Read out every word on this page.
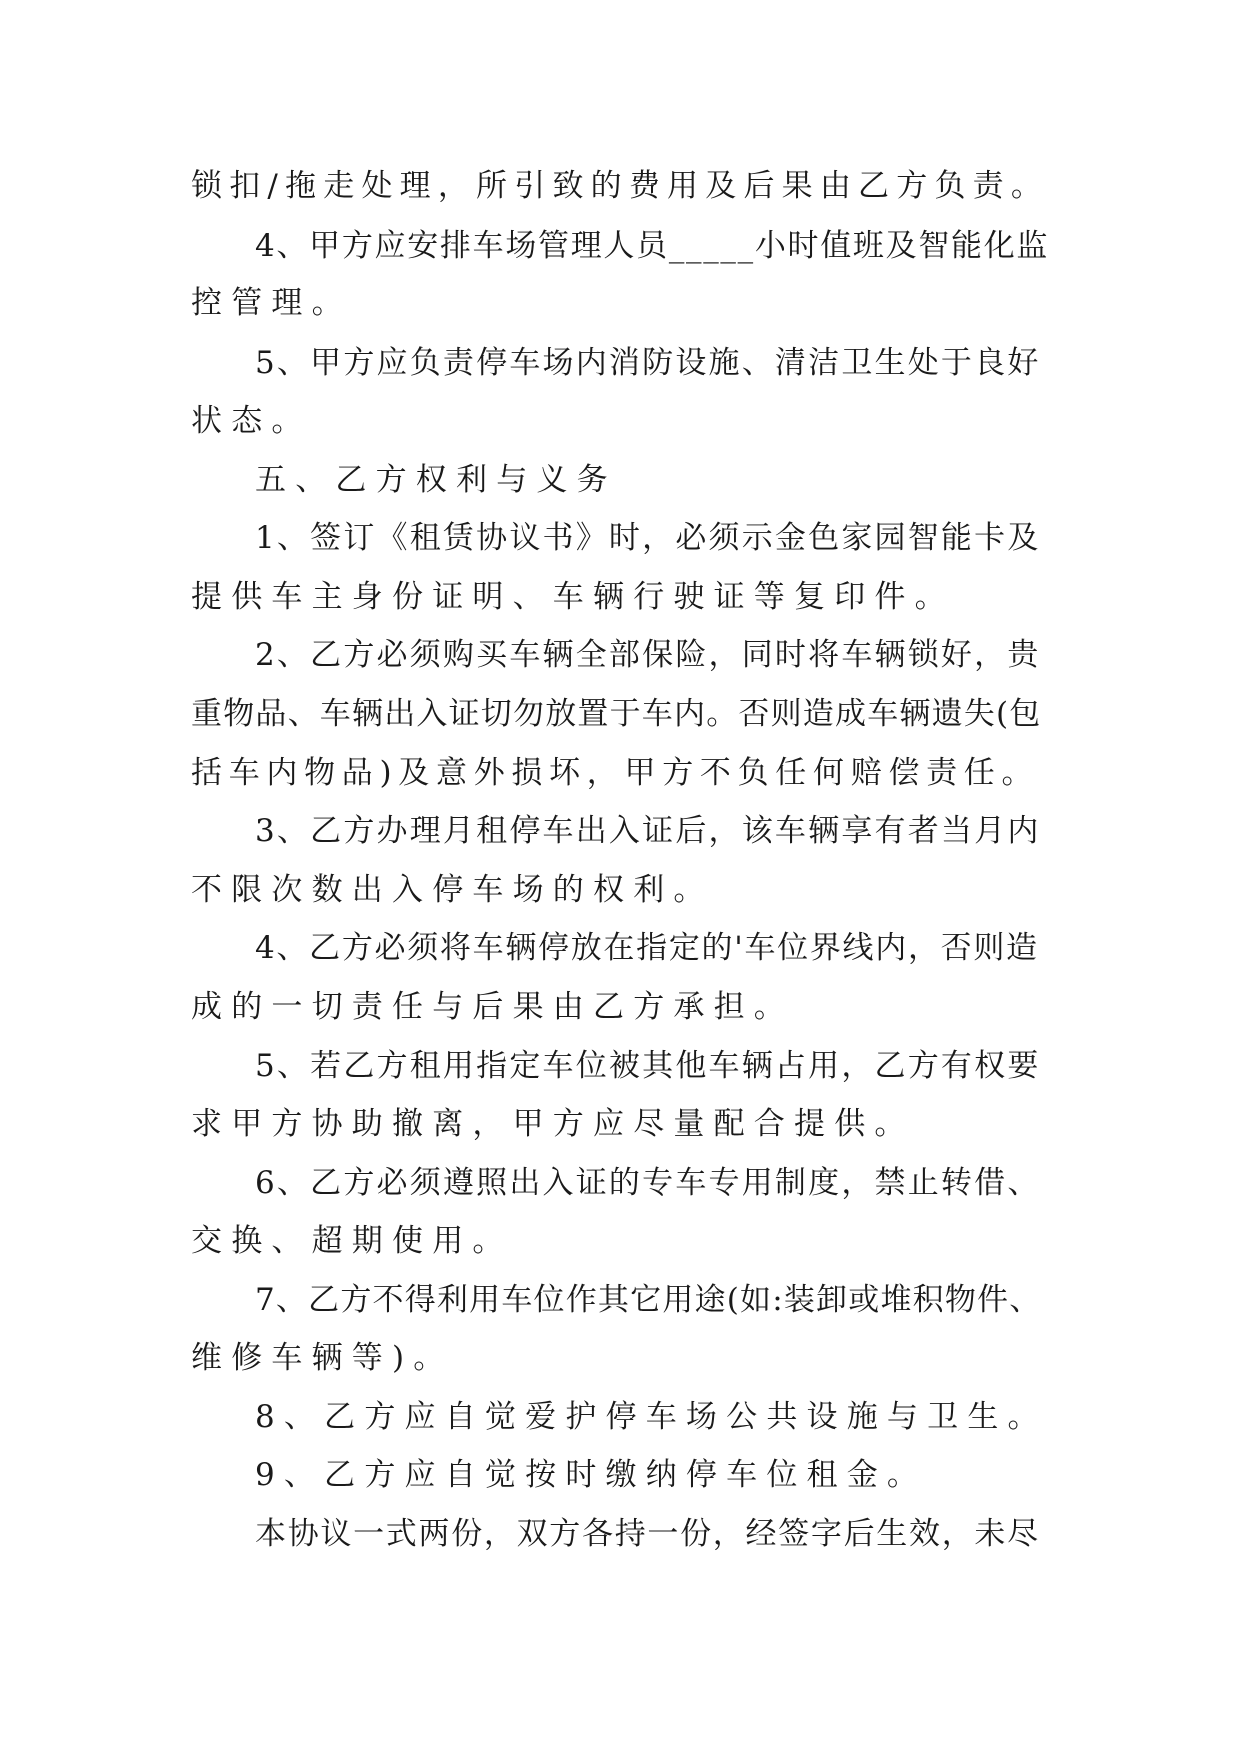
锁扣/拖走处理，所引致的费用及后果由乙方负责。
4、甲方应安排车场管理人员_____小时值班及智能化监
控管理。
5、甲方应负责停车场内消防设施、清洁卫生处于良好
状态。
五、乙方权利与义务
1、签订《租赁协议书》时，必须示金色家园智能卡及
提供车主身份证明、车辆行驶证等复印件。
2、乙方必须购买车辆全部保险，同时将车辆锁好，贵
重物品、车辆出入证切勿放置于车内。否则造成车辆遗失(包
括车内物品)及意外损坏，甲方不负任何赔偿责任。
3、乙方办理月租停车出入证后，该车辆享有者当月内
不限次数出入停车场的权利。
4、乙方必须将车辆停放在指定的'车位界线内，否则造
成的一切责任与后果由乙方承担。
5、若乙方租用指定车位被其他车辆占用，乙方有权要
求甲方协助撤离，甲方应尽量配合提供。
6、乙方必须遵照出入证的专车专用制度，禁止转借、
交换、超期使用。
7、乙方不得利用车位作其它用途(如:装卸或堆积物件、
维修车辆等)。
8、乙方应自觉爱护停车场公共设施与卫生。
9、乙方应自觉按时缴纳停车位租金。
本协议一式两份，双方各持一份，经签字后生效，未尽
